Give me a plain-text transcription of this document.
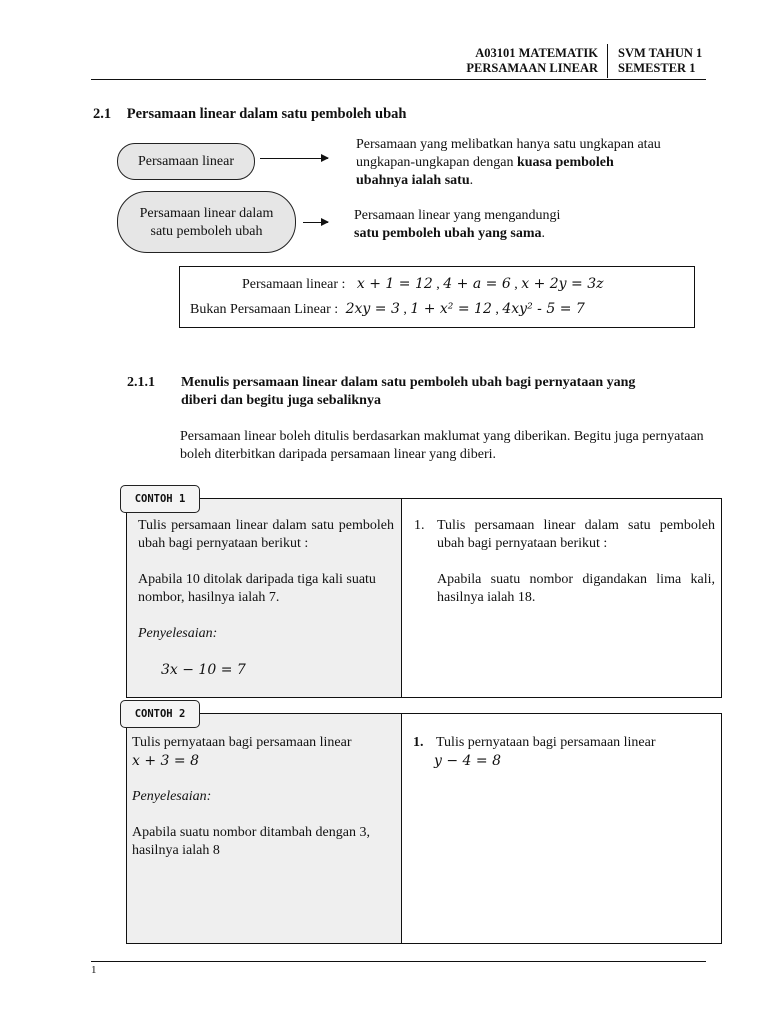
A03101 MATEMATIK
PERSAMAAN LINEAR
SVM TAHUN 1
SEMESTER 1
2.1 Persamaan linear dalam satu pemboleh ubah
Persamaan linear
Persamaan yang melibatkan hanya satu ungkapan atau ungkapan-ungkapan dengan kuasa pemboleh ubahnya ialah satu.
Persamaan linear dalam
satu pemboleh ubah
Persamaan linear yang mengandungi
satu pemboleh ubah yang sama.
Persamaan linear : x + 1 = 12 , 4 + a = 6 , x + 2y = 3z
Bukan Persamaan Linear : 2xy = 3 , 1 + x² = 12 , 4xy² - 5 = 7
2.1.1 Menulis persamaan linear dalam satu pemboleh ubah bagi pernyataan yang
diberi dan begitu juga sebaliknya
Persamaan linear boleh ditulis berdasarkan maklumat yang diberikan. Begitu juga pernyataan boleh diterbitkan daripada persamaan linear yang diberi.
Tulis persamaan linear dalam satu pemboleh ubah bagi pernyataan berikut :
Apabila 10 ditolak daripada tiga kali suatu nombor, hasilnya ialah 7.
Penyelesaian:
3x − 10 = 7
1. Tulis persamaan linear dalam satu pemboleh ubah bagi pernyataan berikut :
Apabila suatu nombor digandakan lima kali, hasilnya ialah 18.
CONTOH 1
Tulis pernyataan bagi persamaan linear
x + 3 = 8
Penyelesaian:
Apabila suatu nombor ditambah dengan 3, hasilnya ialah 8
1. Tulis pernyataan bagi persamaan linear
y − 4 = 8
CONTOH 2
1
